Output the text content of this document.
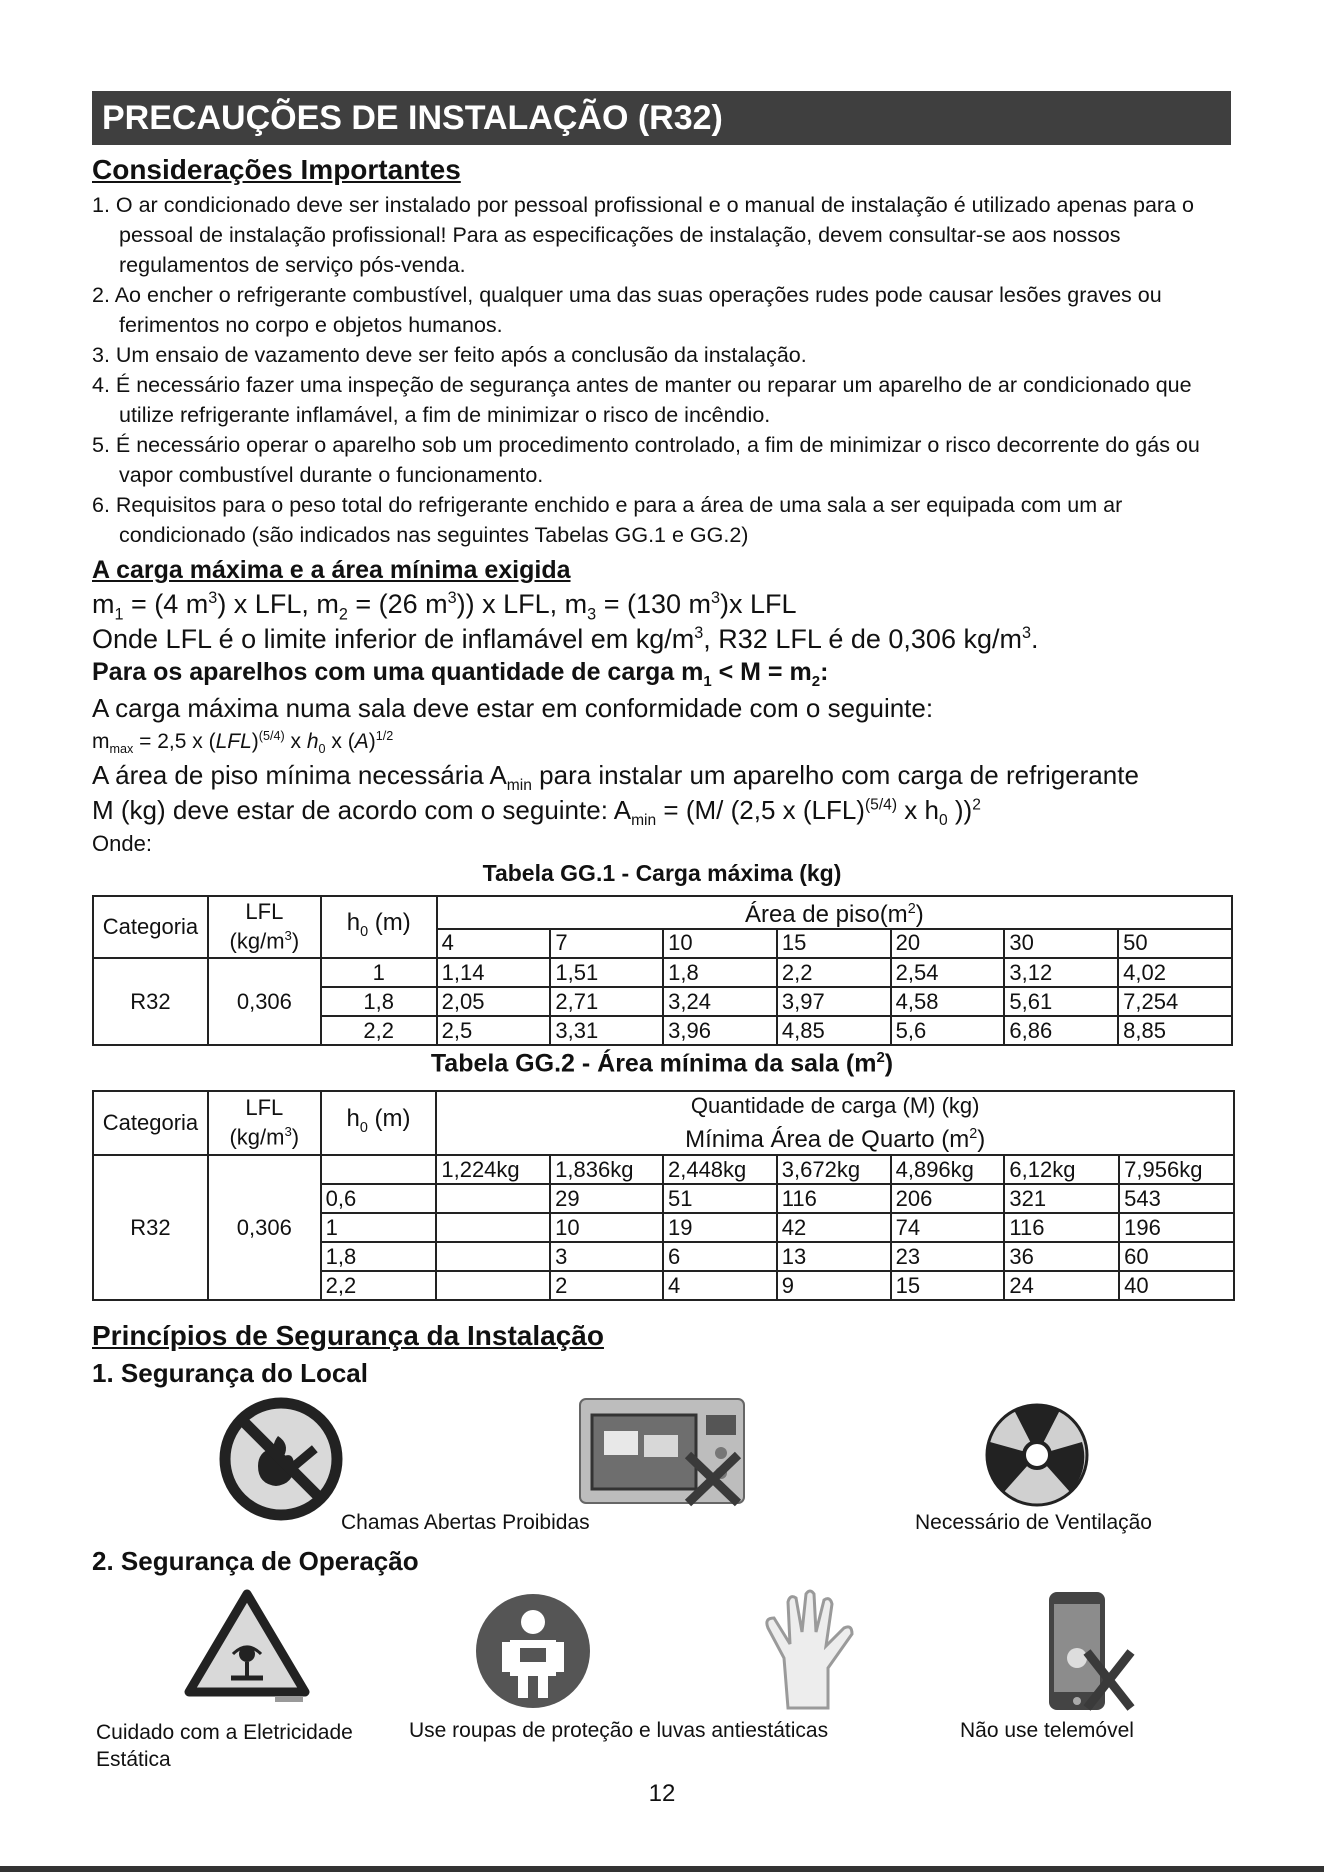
PRECAUÇÕES DE INSTALAÇÃO (R32)
Considerações Importantes
1. O ar condicionado deve ser instalado por pessoal profissional e o manual de instalação é utilizado apenas para o pessoal de instalação profissional! Para as especificações de instalação, devem consultar-se aos nossos regulamentos de serviço pós-venda.
2. Ao encher o refrigerante combustível, qualquer uma das suas operações rudes pode causar lesões graves ou ferimentos no corpo e objetos humanos.
3. Um ensaio de vazamento deve ser feito após a conclusão da instalação.
4. É necessário fazer uma inspeção de segurança antes de manter ou reparar um aparelho de ar condicionado que utilize refrigerante inflamável, a fim de minimizar o risco de incêndio.
5. É necessário operar o aparelho sob um procedimento controlado, a fim de minimizar o risco decorrente do gás ou vapor combustível durante o funcionamento.
6. Requisitos para o peso total do refrigerante enchido e para a área de uma sala a ser equipada com um ar condicionado (são indicados nas seguintes Tabelas GG.1 e GG.2)
A carga máxima e a área mínima exigida
$m_1 = (4$ $m^3$) x LFL, $m_2 = (26$ $m^3$)) x LFL, $m_3 = (130$ $m^3)x$ LFL
Onde LFL é o limite inferior de inflamável em $kg/m^3$, R32 LFL é de 0,306 $kg/m^3$.
Para os aparelhos com uma quantidade de carga $m_1 < M = m_2$:
A carga máxima numa sala deve estar em conformidade com o seguinte:
$m_{max} = 2,5$ x (LFL)$^{(5/4)}$ x $h_0$ x $(A)^{1/2}$
A área de piso mínima necessária $A_{min}$ para instalar um aparelho com carga de refrigerante
M (kg) deve estar de acordo com o seguinte: $A_{min} = (M/$ (2,5 x (LFL)$^{(5/4)}$ x $h_0$ ))$^2$
Onde:
Tabela GG.1 - Carga máxima (kg)
Categoria	LFL
$(kg/m^3)$	$h_0$ (m)	Área de $piso(m^2)$						
			4	7	10	15	20	30	50
R32	0,306	1	1,14	1,51	1,8	2,2	2,54	3,12	4,02
		1,8	2,05	2,71	3,24	3,97	4,58	5,61	7,254
		2,2	2,5	3,31	3,96	4,85	5,6	6,86	8,85
Tabela GG.2 - Área mínima da sala $(m^2)$
Categoria	LFL
$(kg/m^3)$	$h_0$ (m)	Quantidade de carga (M) (kg)
Mínima Área de Quarto $(m^2)$						

R32	0,306		1,224kg	1,836kg	2,448kg	3,672kg	4,896kg	6,12kg	7,956kg
		0,6		29	51	116	206	321	543
		1		10	19	42	74	116	196
		1,8		3	6	13	23	36	60
		2,2		2	4	9	15	24	40
Princípios de Segurança da Instalação
1. Segurança do Local
Chamas Abertas Proibidas	Necessário de Ventilação
2. Segurança de Operação
Cuidado com a Eletricidade
Estática
Use roupas de proteção e luvas antiestáticas	Não use telemóvel
12
